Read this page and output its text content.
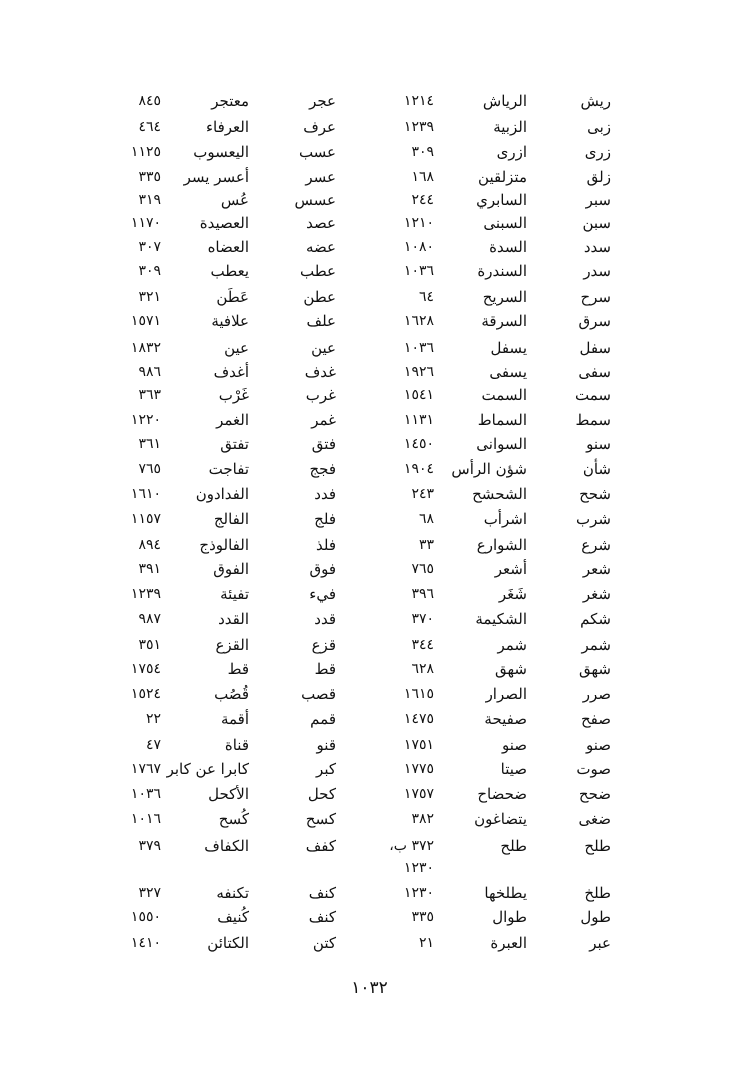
ريش
الرياش
١٢١٤
عجر
معتجر
٨٤٥
زبى
الزبية
١٢٣٩
عرف
العرفاء
٤٦٤
زرى
ازرى
٣٠٩
عسب
اليعسوب
١١٢٥
زلق
متزلقين
١٦٨
عسر
أعسر يسر
٣٣٥
سبر
السابري
٢٤٤
عسس
عُس
٣١٩
سبن
السبنى
١٢١٠
عصد
العصيدة
١١٧٠
سدد
السدة
١٠٨٠
عضه
العضاه
٣٠٧
سدر
السندرة
١٠٣٦
عطب
يعطب
٣٠٩
سرح
السريح
٦٤
عطن
عَطَن
٣٢١
سرق
السرقة
١٦٢٨
علف
علافية
١٥٧١
سفل
يسفل
١٠٣٦
عين
عين
١٨٣٢
سفى
يسفى
١٩٢٦
غدف
أغدف
٩٨٦
سمت
السمت
١٥٤١
غرب
غَرْب
٣٦٣
سمط
السماط
١١٣١
غمر
الغمر
١٢٢٠
سنو
السوانى
١٤٥٠
فتق
تفتق
٣٦١
شأن
شؤن الرأس
١٩٠٤
فجج
تفاجت
٧٦٥
شحح
الشحشح
٢٤٣
فدد
الفدادون
١٦١٠
شرب
اشرأب
٦٨
فلج
الفالج
١١٥٧
شرع
الشوارع
٣٣
فلذ
الفالوذج
٨٩٤
شعر
أشعر
٧٦٥
فوق
الفوق
٣٩١
شغر
شَغَر
٣٩٦
فيء
تفيئة
١٢٣٩
شكم
الشكيمة
٣٧٠
قدد
القدد
٩٨٧
شمر
شمر
٣٤٤
قزع
القزع
٣٥١
شهق
شهق
٦٢٨
قط
قط
١٧٥٤
صرر
الصرار
١٦١٥
قصب
قُصُب
١٥٢٤
صفح
صفيحة
١٤٧٥
قمم
أقمة
٢٢
صنو
صنو
١٧٥١
قنو
قناة
٤٧
صوت
صيتا
١٧٧٥
كبر
كابرا عن كابر
١٧٦٧
ضحح
ضحضاح
١٧٥٧
كحل
الأكحل
١٠٣٦
ضغى
يتضاغون
٣٨٢
كسح
كُسح
١٠١٦
طلح
طلح
٣٧٢ ب،
كفف
الكفاف
٣٧٩
١٢٣٠
طلخ
يطلخها
١٢٣٠
كنف
تكنفه
٣٢٧
طول
طوال
٣٣٥
كنف
كُنيف
١٥٥٠
عبر
العبرة
٢١
كتن
الكتائن
١٤١٠
١٠٣٢
